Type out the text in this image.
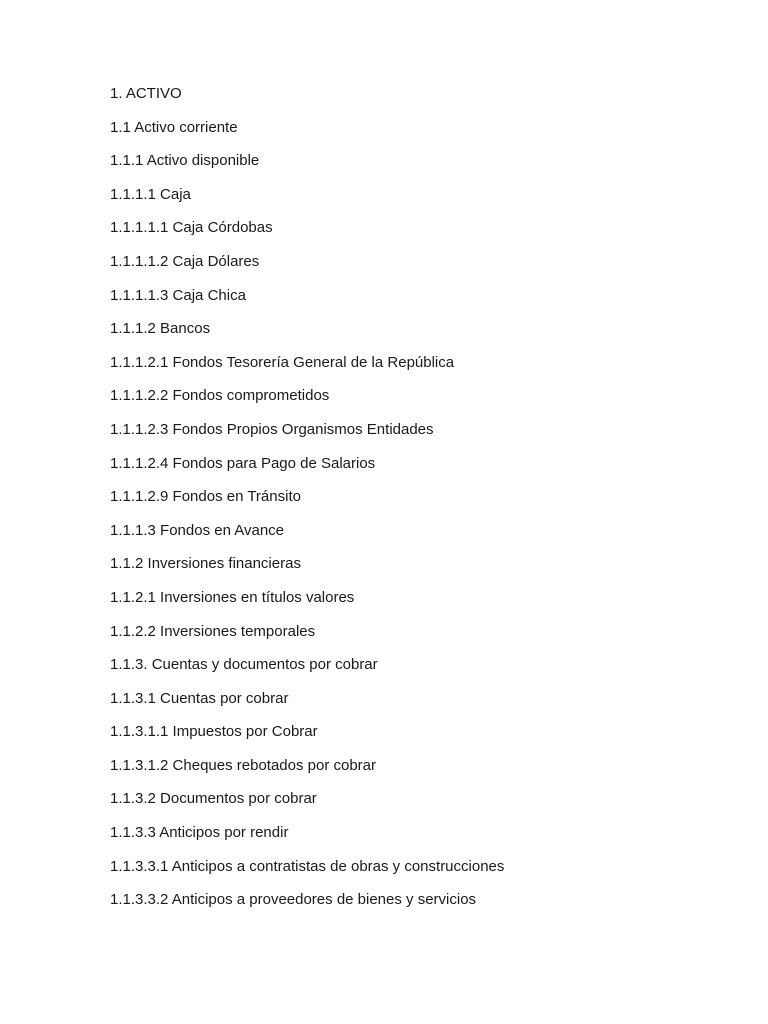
1. ACTIVO
1.1 Activo corriente
1.1.1 Activo disponible
1.1.1.1 Caja
1.1.1.1.1 Caja Córdobas
1.1.1.1.2 Caja Dólares
1.1.1.1.3 Caja Chica
1.1.1.2 Bancos
1.1.1.2.1 Fondos Tesorería General de la República
1.1.1.2.2 Fondos comprometidos
1.1.1.2.3 Fondos Propios Organismos Entidades
1.1.1.2.4 Fondos para Pago de Salarios
1.1.1.2.9 Fondos en Tránsito
1.1.1.3 Fondos en Avance
1.1.2 Inversiones financieras
1.1.2.1 Inversiones en títulos valores
1.1.2.2 Inversiones temporales
1.1.3. Cuentas y documentos por cobrar
1.1.3.1 Cuentas por cobrar
1.1.3.1.1 Impuestos por Cobrar
1.1.3.1.2 Cheques rebotados por cobrar
1.1.3.2 Documentos por cobrar
1.1.3.3 Anticipos por rendir
1.1.3.3.1 Anticipos a contratistas de obras y construcciones
1.1.3.3.2 Anticipos a proveedores de bienes y servicios
